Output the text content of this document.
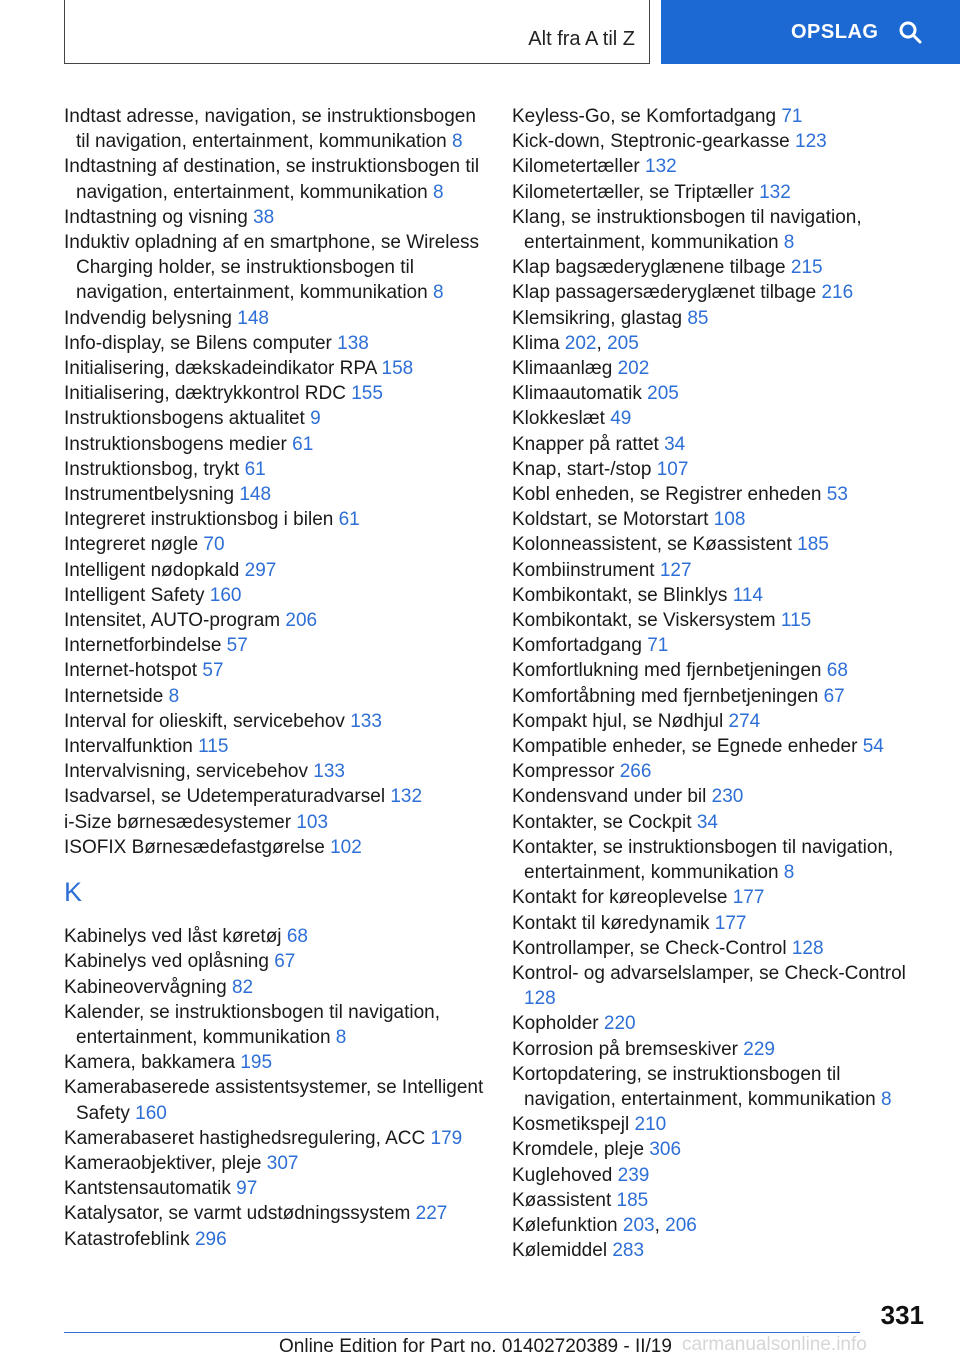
Alt fra A til Z	OPSLAG
Indtast adresse, navigation, se instruktionsbogen til navigation, entertainment, kommunikation 8
Indtastning af destination, se instruktionsbogen til navigation, entertainment, kommunikation 8
Indtastning og visning 38
Induktiv opladning af en smartphone, se Wireless Charging holder, se instruktionsbogen til navigation, entertainment, kommunikation 8
Indvendig belysning 148
Info-display, se Bilens computer 138
Initialisering, dækskadeindikator RPA 158
Initialisering, dæktrykkontrol RDC 155
Instruktionsbogens aktualitet 9
Instruktionsbogens medier 61
Instruktionsbog, trykt 61
Instrumentbelysning 148
Integreret instruktionsbog i bilen 61
Integreret nøgle 70
Intelligent nødopkald 297
Intelligent Safety 160
Intensitet, AUTO-program 206
Internetforbindelse 57
Internet-hotspot 57
Internetside 8
Interval for olieskift, servicebehov 133
Intervalfunktion 115
Intervalvisning, servicebehov 133
Isadvarsel, se Udetemperaturadvarsel 132
i-Size børnesædesystemer 103
ISOFIX Børnesædefastgørelse 102
K
Kabinelys ved låst køretøj 68
Kabinelys ved oplåsning 67
Kabineovervågning 82
Kalender, se instruktionsbogen til navigation, entertainment, kommunikation 8
Kamera, bakkamera 195
Kamerabaserede assistentsystemer, se Intelligent Safety 160
Kamerabaseret hastighedsregulering, ACC 179
Kameraobjektiver, pleje 307
Kantstensautomatik 97
Katalysator, se varmt udstødningssystem 227
Katastrofeblink 296
Keyless-Go, se Komfortadgang 71
Kick-down, Steptronic-gearkasse 123
Kilometertæller 132
Kilometertæller, se Triptæller 132
Klang, se instruktionsbogen til navigation, entertainment, kommunikation 8
Klap bagsæderyglænene tilbage 215
Klap passagersæderyglænet tilbage 216
Klemsikring, glastag 85
Klima 202, 205
Klimaanlæg 202
Klimaautomatik 205
Klokkeslæt 49
Knapper på rattet 34
Knap, start-/stop 107
Kobl enheden, se Registrer enheden 53
Koldstart, se Motorstart 108
Kolonneassistent, se Køassistent 185
Kombiinstrument 127
Kombikontakt, se Blinklys 114
Kombikontakt, se Viskersystem 115
Komfortadgang 71
Komfortlukning med fjernbetjeningen 68
Komfortåbning med fjernbetjeningen 67
Kompakt hjul, se Nødhjul 274
Kompatible enheder, se Egnede enheder 54
Kompressor 266
Kondensvand under bil 230
Kontakter, se Cockpit 34
Kontakter, se instruktionsbogen til navigation, entertainment, kommunikation 8
Kontakt for køreoplevelse 177
Kontakt til køredynamik 177
Kontrollamper, se Check-Control 128
Kontrol- og advarselslamper, se Check-Control 128
Kopholder 220
Korrosion på bremseskiver 229
Kortopdatering, se instruktionsbogen til navigation, entertainment, kommunikation 8
Kosmetikspejl 210
Kromdele, pleje 306
Kuglehoved 239
Køassistent 185
Kølefunktion 203, 206
Kølemiddel 283
331
Online Edition for Part no. 01402720389 - II/19 carmanualsonline.info
